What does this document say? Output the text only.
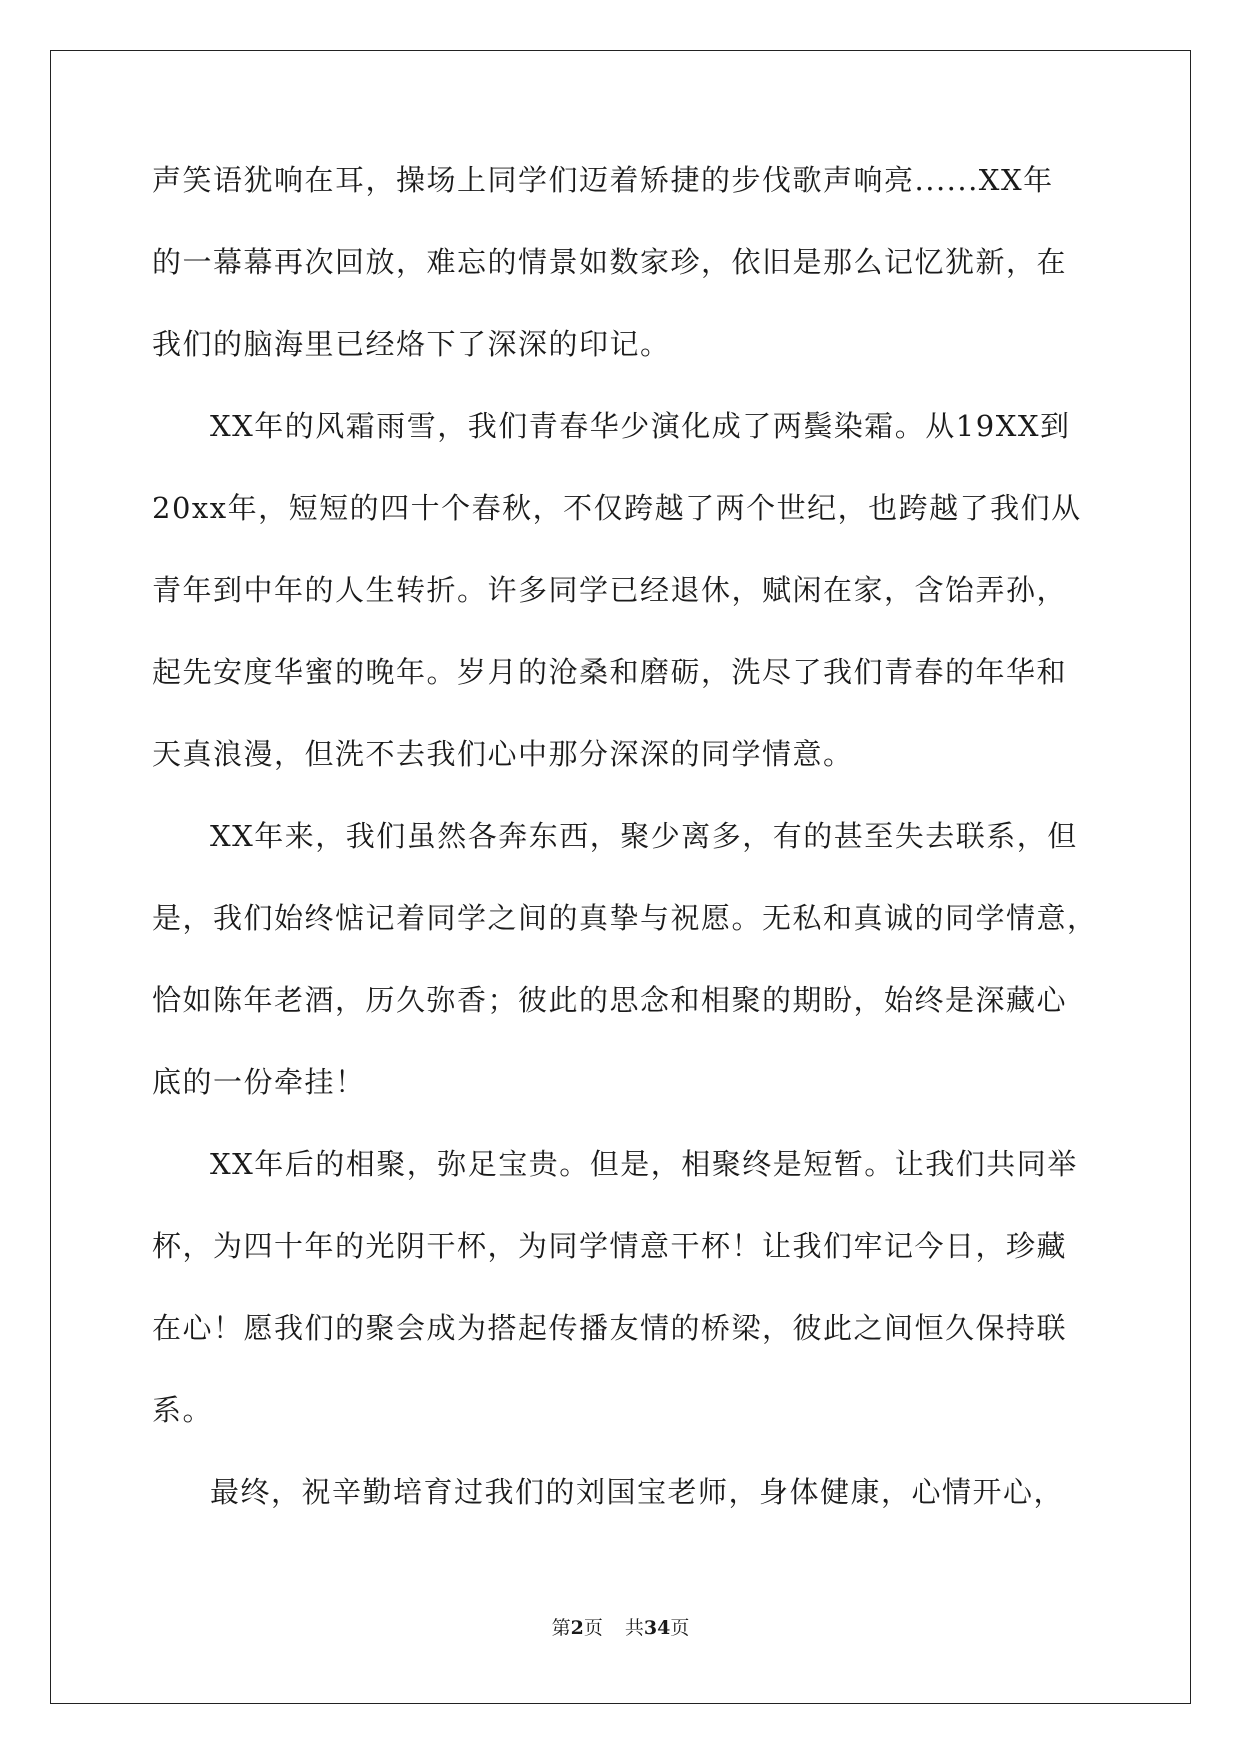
声笑语犹响在耳，操场上同学们迈着矫捷的步伐歌声响亮......XX年
的一幕幕再次回放，难忘的情景如数家珍，依旧是那么记忆犹新，在
我们的脑海里已经烙下了深深的印记。
XX年的风霜雨雪，我们青春华少演化成了两鬓染霜。从19XX到
20xx年，短短的四十个春秋，不仅跨越了两个世纪，也跨越了我们从
青年到中年的人生转折。许多同学已经退休，赋闲在家，含饴弄孙，
起先安度华蜜的晚年。岁月的沧桑和磨砺，洗尽了我们青春的年华和
天真浪漫，但洗不去我们心中那分深深的同学情意。
XX年来，我们虽然各奔东西，聚少离多，有的甚至失去联系，但
是，我们始终惦记着同学之间的真挚与祝愿。无私和真诚的同学情意，
恰如陈年老酒，历久弥香；彼此的思念和相聚的期盼，始终是深藏心
底的一份牵挂！
XX年后的相聚，弥足宝贵。但是，相聚终是短暂。让我们共同举
杯，为四十年的光阴干杯，为同学情意干杯！让我们牢记今日，珍藏
在心！愿我们的聚会成为搭起传播友情的桥梁，彼此之间恒久保持联
系。
最终，祝辛勤培育过我们的刘国宝老师，身体健康，心情开心，
第2页 共34页
